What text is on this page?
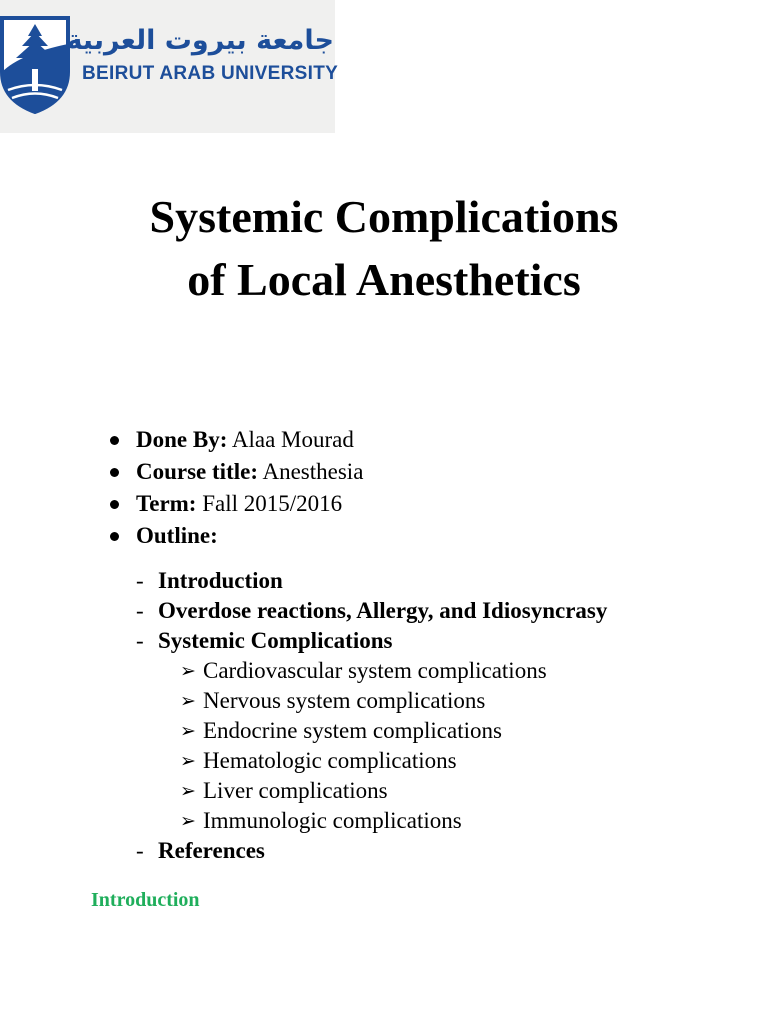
جامعة بيروت العربية
BEIRUT ARAB UNIVERSITY
Systemic Complications
of Local Anesthetics
Done By: Alaa Mourad
Course title: Anesthesia
Term: Fall 2015/2016
Outline:
- Introduction
- Overdose reactions, Allergy, and Idiosyncrasy
- Systemic Complications
➢ Cardiovascular system complications
➢ Nervous system complications
➢ Endocrine system complications
➢ Hematologic complications
➢ Liver complications
➢ Immunologic complications
- References
Introduction
